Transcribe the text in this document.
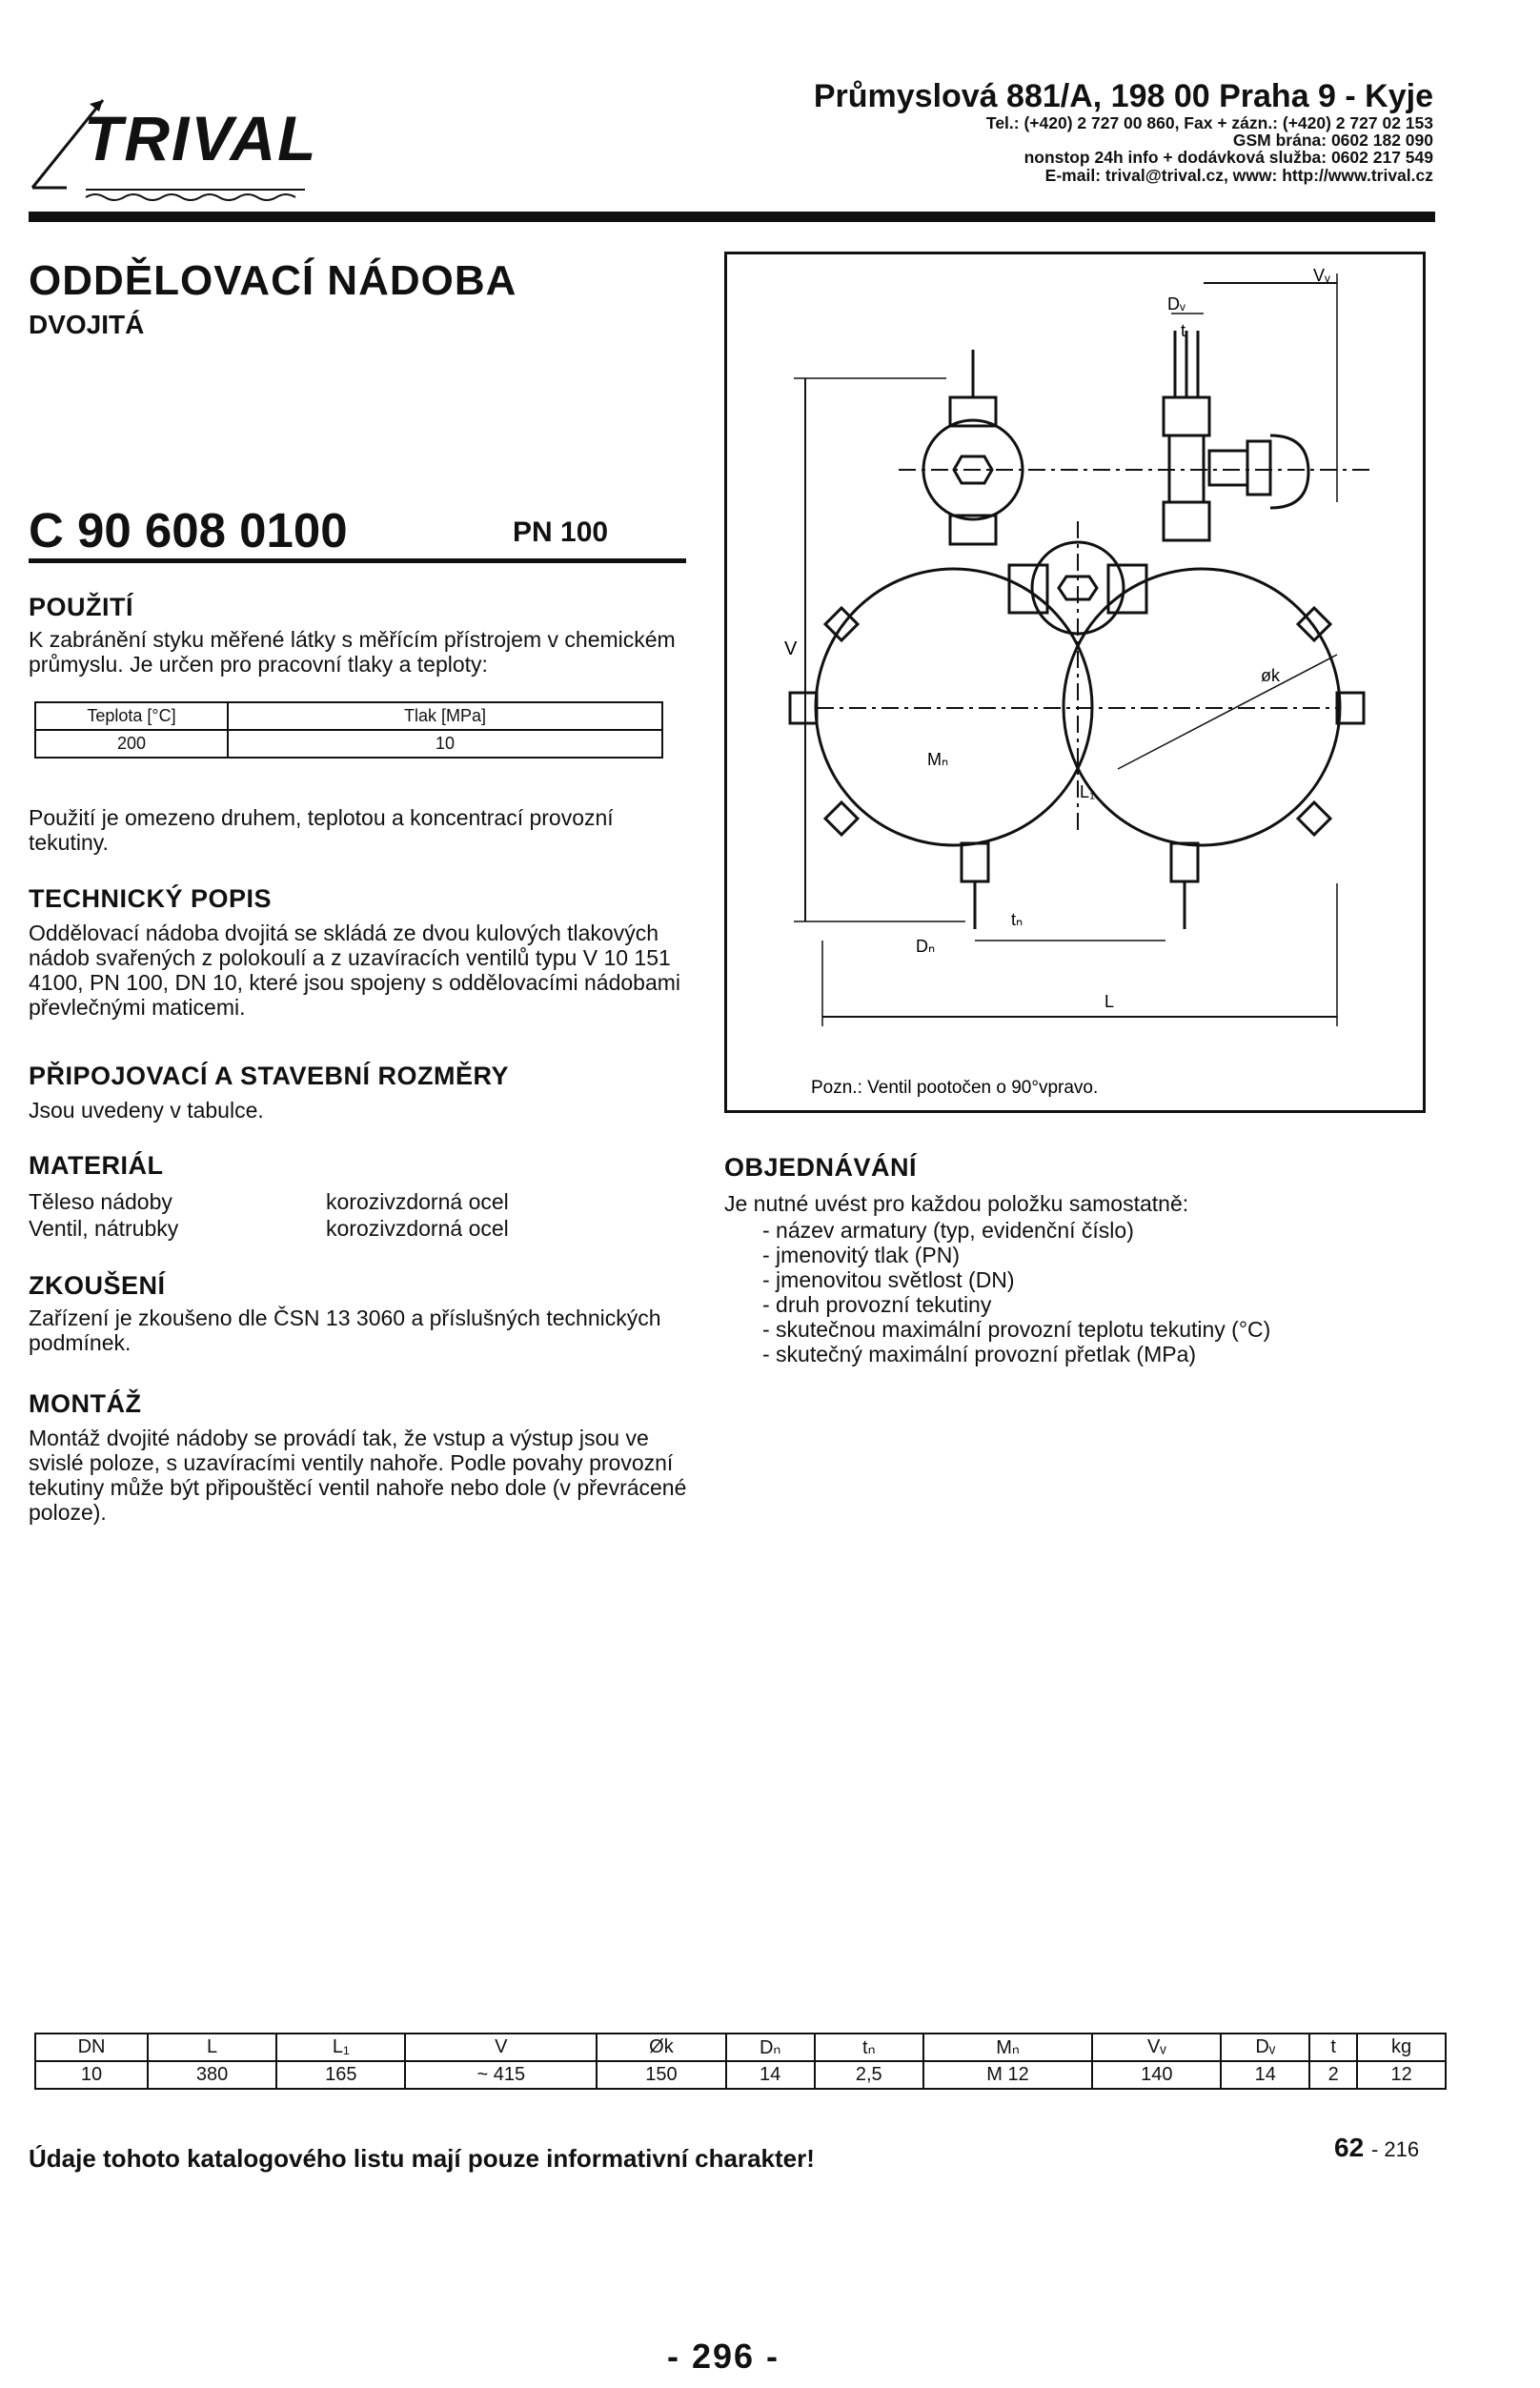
TRIVAL
Průmyslová 881/A, 198 00 Praha 9 - Kyje
Tel.: (+420) 2 727 00 860, Fax + zázn.: (+420) 2 727 02 153
GSM brána: 0602 182 090
nonstop 24h info + dodávková služba: 0602 217 549
E-mail: trival@trival.cz, www: http://www.trival.cz
ODDĚLOVACÍ NÁDOBA
DVOJITÁ
C 90 608 0100	PN 100
POUŽITÍ
K zabránění styku měřené látky s měřícím přístrojem v chemickém průmyslu. Je určen pro pracovní tlaky a teploty:
Teplota [°C]	Tlak [MPa]
200	10
Použití je omezeno druhem, teplotou a koncentrací provozní tekutiny.
TECHNICKÝ POPIS
Oddělovací nádoba dvojitá se skládá ze dvou kulových tlakových nádob svařených z polokoulí a z uzavíracích ventilů typu V 10 151 4100, PN 100, DN 10, které jsou spojeny s oddělovacími nádobami převlečnými maticemi.
PŘIPOJOVACÍ A STAVEBNÍ ROZMĚRY
Jsou uvedeny v tabulce.
MATERIÁL
Těleso nádoby	korozivzdorná ocel
Ventil, nátrubky	korozivzdorná ocel
ZKOUŠENÍ
Zařízení je zkoušeno dle ČSN 13 3060 a příslušných technických podmínek.
MONTÁŽ
Montáž dvojité nádoby se provádí tak, že vstup a výstup jsou ve svislé poloze, s uzavíracími ventily nahoře. Podle povahy provozní tekutiny může být připouštěcí ventil nahoře nebo dole (v převrácené poloze).
Vᵥ
Dᵥ
t
V
øk
L₁
L
Dₙ
tₙ
Mₙ
Pozn.: Ventil pootočen o 90°vpravo.
OBJEDNÁVÁNÍ
Je nutné uvést pro každou položku samostatně:
- název armatury (typ, evidenční číslo)
- jmenovitý tlak (PN)
- jmenovitou světlost (DN)
- druh provozní tekutiny
- skutečnou maximální provozní teplotu tekutiny (°C)
- skutečný maximální provozní přetlak (MPa)
DN	L	L₁	V	Øk	Dₙ	tₙ	Mₙ	Vᵥ	Dᵥ	t	kg
10	380	165	~ 415	150	14	2,5	M 12	140	14	2	12
Údaje tohoto katalogového listu mají pouze informativní charakter!	62 - 216
- 296 -
